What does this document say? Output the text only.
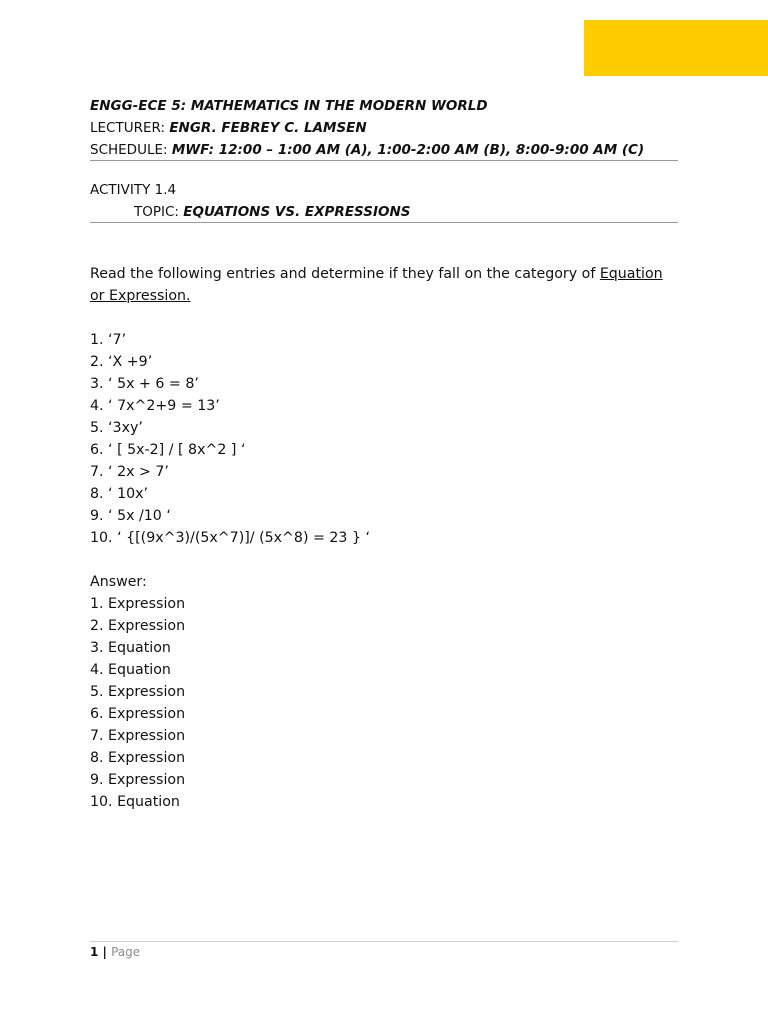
ENGG-ECE 5: MATHEMATICS IN THE MODERN WORLD
LECTURER: ENGR. FEBREY C. LAMSEN
SCHEDULE: MWF: 12:00 – 1:00 AM (A), 1:00-2:00 AM (B), 8:00-9:00 AM (C)
ACTIVITY 1.4
TOPIC: EQUATIONS VS. EXPRESSIONS

Read the following entries and determine if they fall on the category of Equation or Expression.

1. ‘7’
2. ‘X +9’
3. ‘ 5x + 6 = 8’
4. ‘ 7x^2+9 = 13’
5. ‘3xy’
6. ‘ [ 5x-2] / [ 8x^2 ] ‘
7. ‘ 2x > 7’
8. ‘ 10x’
9. ‘ 5x /10 ‘
10. ‘ {[(9x^3)/(5x^7)]/ (5x^8) = 23 } ‘
Answer:
1. Expression
2. Expression
3. Equation
4. Equation
5. Expression
6. Expression
7. Expression
8. Expression
9. Expression
10. Equation
1 | Page
